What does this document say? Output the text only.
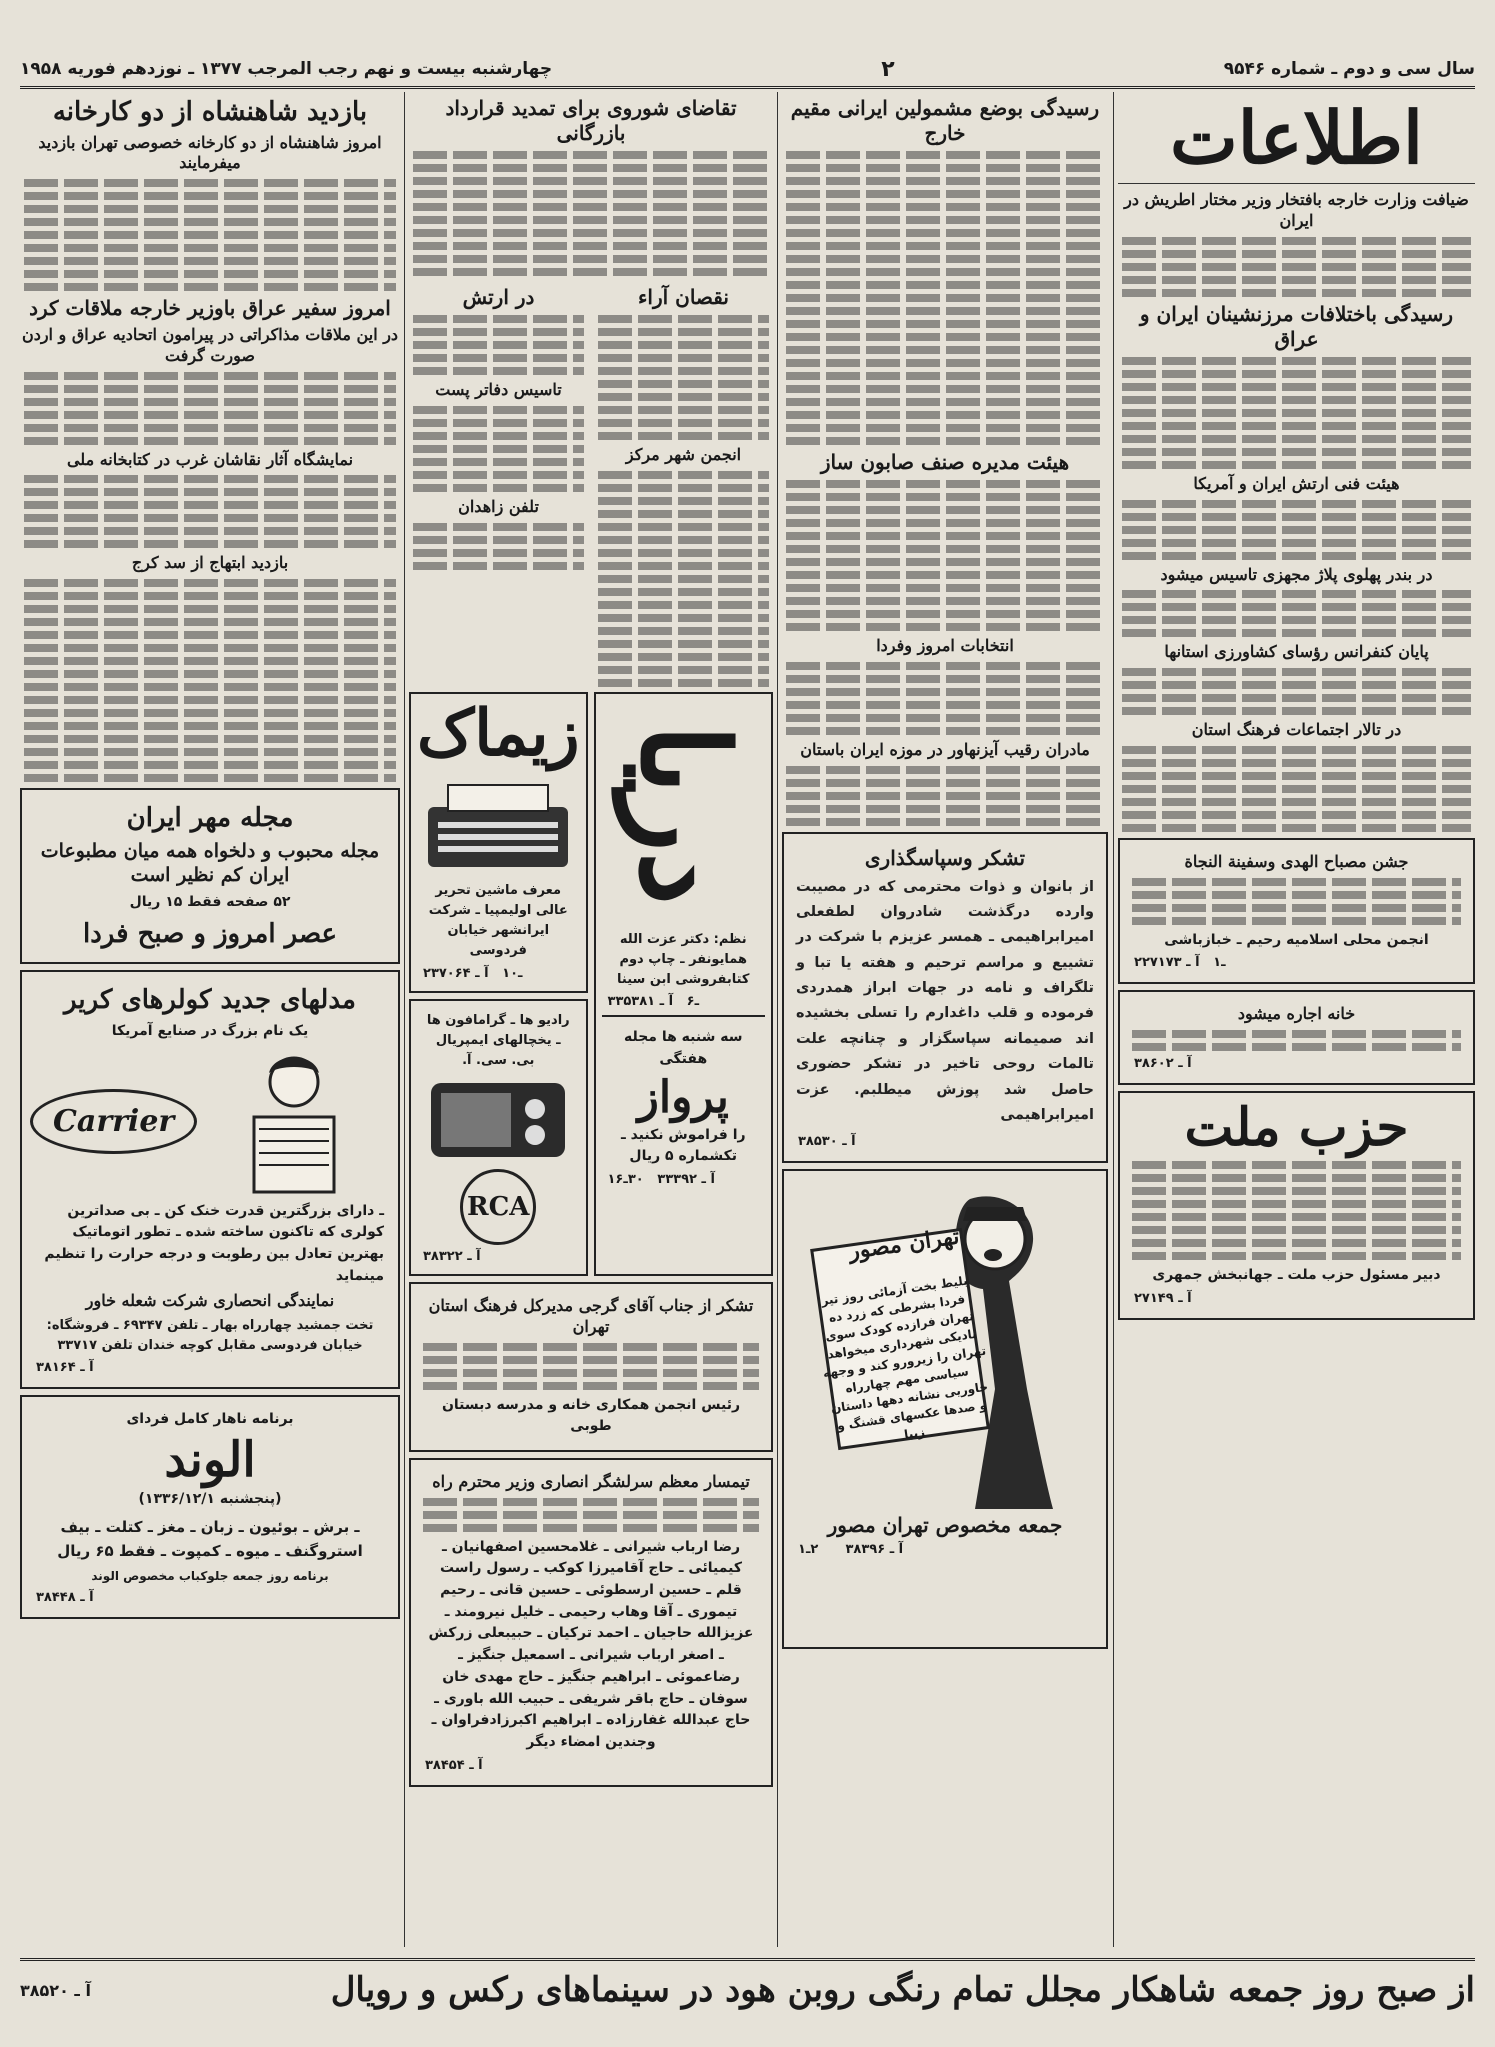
سال سی و دوم ـ شماره ۹۵۴۶
۲
چهارشنبه بیست و نهم رجب المرجب ۱۳۷۷ ـ نوزدهم فوریه ۱۹۵۸
اطلاعات
ضیافت وزارت خارجه بافتخار وزیر مختار اطریش در ایران
رسیدگی باختلافات مرزنشینان ایران و عراق
هیئت فنی ارتش ایران و آمریکا
در بندر پهلوی پلاژ مجهزی تاسیس میشود
پایان کنفرانس رؤسای کشاورزی استانها
در تالار اجتماعات فرهنگ استان
جشن مصباح الهدی وسفینة النجاة
انجمن محلی اسلامیه رحیم ـ خبازباشی
۲ـ۱   آ ـ ۲۷۱۷۳
خانه اجاره میشود
آ ـ ۳۸۶۰۲
حزب ملت
دبیر مسئول حزب ملت ـ جهانبخش جمهری
آ ـ ۲۷۱۴۹
رسیدگی بوضع مشمولین ایرانی مقیم خارج
هیئت مدیره صنف صابون ساز
انتخابات امروز وفردا
مادران رقیب آیزنهاور در موزه ایران باستان
تشکر وسپاسگذاری

از بانوان و ذوات محترمی که در مصیبت وارده درگذشت شادروان لطفعلی امیرابراهیمی ـ همسر عزیزم با شرکت در تشییع و مراسم ترحیم و هفته یا تبا و تلگراف و نامه در جهات ابراز همدردی فرموده و قلب داغدارم را تسلی بخشیده اند صمیمانه سپاسگزار و چنانچه علت تالمات روحی تاخیر در تشکر حضوری حاصل شد پوزش میطلبم. عزت امیرابراهیمی

آ ـ ۳۸۵۳۰
تهران مصور
بلیط بخت آزمائی روز تیر فردا بشرطی که زرد ده تهران فرازده کودک سوی نادیکی شهرداری میخواهد تهران را زیرورو کند و وجهه سیاسی مهم چهارراه خاوریی نشانه دهها داستان و صدها عکسهای قشنگ و زیبا
جمعه مخصوص تهران مصور
آ ـ ۳۸۳۹۶      ۲ـ۱
تقاضای شوروی برای تمدید قرارداد بازرگانی
نقصان آراء
انجمن شهر مرکز
در ارتش
تاسیس دفاتر پست
تلفن زاهدان
دریا
نظم: دکتر عزت الله همایونفر ـ چاپ دوم کتابفروشی ابن سینا
۳ـ۶   آ ـ ۳۵۳۸۱
سه شنبه ها مجله هفتگی
پرواز
را فراموش نکنید ـ تکشماره ۵ ریال
آ ـ ۳۳۳۹۲   ۳۰ـ۱۶
زیماک
معرف ماشین تحریر عالی اولیمپیا ـ شرکت ایرانشهر خیابان فردوسی
۲ـ۱۰   آ ـ ۳۷۰۶۴
رادیو ها ـ گرامافون ها ـ یخچالهای ایمپریال بی. سی. آ.
RCA
آ ـ ۳۸۳۲۲
تشکر از جناب آقای گرجی مدیرکل فرهنگ استان تهران
رئیس انجمن همکاری خانه و مدرسه دبستان طوبی
تیمسار معظم سرلشگر انصاری وزیر محترم راه
رضا ارباب شیرانی ـ غلامحسین اصفهانیان ـ کیمیائی ـ حاج آقامیرزا کوکب ـ رسول راست قلم ـ حسین ارسطوئی ـ حسین قانی ـ رحیم تیموری ـ آقا وهاب رحیمی ـ خلیل نیرومند ـ عزیزالله حاجیان ـ احمد ترکیان ـ حبیبعلی زرکش ـ اصغر ارباب شیرانی ـ اسمعیل جنگیز ـ رضاعموئی ـ ابراهیم جنگیز ـ حاج مهدی خان سوفان ـ حاج باقر شریفی ـ حبیب الله باوری ـ حاج عبدالله غفارزاده ـ ابراهیم اکبرزادفراوان ـ وجندین امضاء دیگر
آ ـ ۳۸۴۵۴
بازدید شاهنشاه از دو کارخانه
امروز شاهنشاه از دو کارخانه خصوصی تهران بازدید میفرمایند
امروز سفیر عراق باوزیر خارجه ملاقات کرد
در این ملاقات مذاکراتی در پیرامون اتحادیه عراق و اردن صورت گرفت
نمایشگاه آثار نقاشان غرب در کتابخانه ملی
بازدید ابتهاج از سد کرج
مجله مهر ایران
مجله محبوب و دلخواه همه میان مطبوعات ایران کم نظیر است
۵۲ صفحه فقط ۱۵ ریال
عصر امروز و صبح فردا
مدلهای جدید کولرهای کریر
یک نام بزرگ در صنایع آمریکا
Carrier
ـ دارای بزرگترین قدرت خنک کن ـ بی صداترین کولری که تاکنون ساخته شده ـ تطور اتوماتیک بهترین تعادل بین رطوبت و درجه حرارت را تنظیم مینماید
نمایندگی انحصاری شرکت شعله خاور
تخت جمشید چهارراه بهار ـ تلفن ۶۹۳۴۷ ـ فروشگاه: خیابان فردوسی مقابل کوچه خندان تلفن ۳۳۷۱۷
آ ـ ۳۸۱۶۴
برنامه ناهار کامل فردای
الوند
(پنجشنبه ۱۳۳۶/۱۲/۱)
ـ برش ـ بوئیون ـ زبان ـ مغز ـ کتلت ـ بیف استروگنف ـ میوه ـ کمپوت ـ فقط ۶۵ ریال
برنامه روز جمعه جلوکباب مخصوص الوند
آ ـ ۳۸۴۴۸
از صبح روز جمعه شاهکار مجلل تمام رنگی روبن هود در سینماهای رکس و رویال
آ ـ ۳۸۵۲۰
